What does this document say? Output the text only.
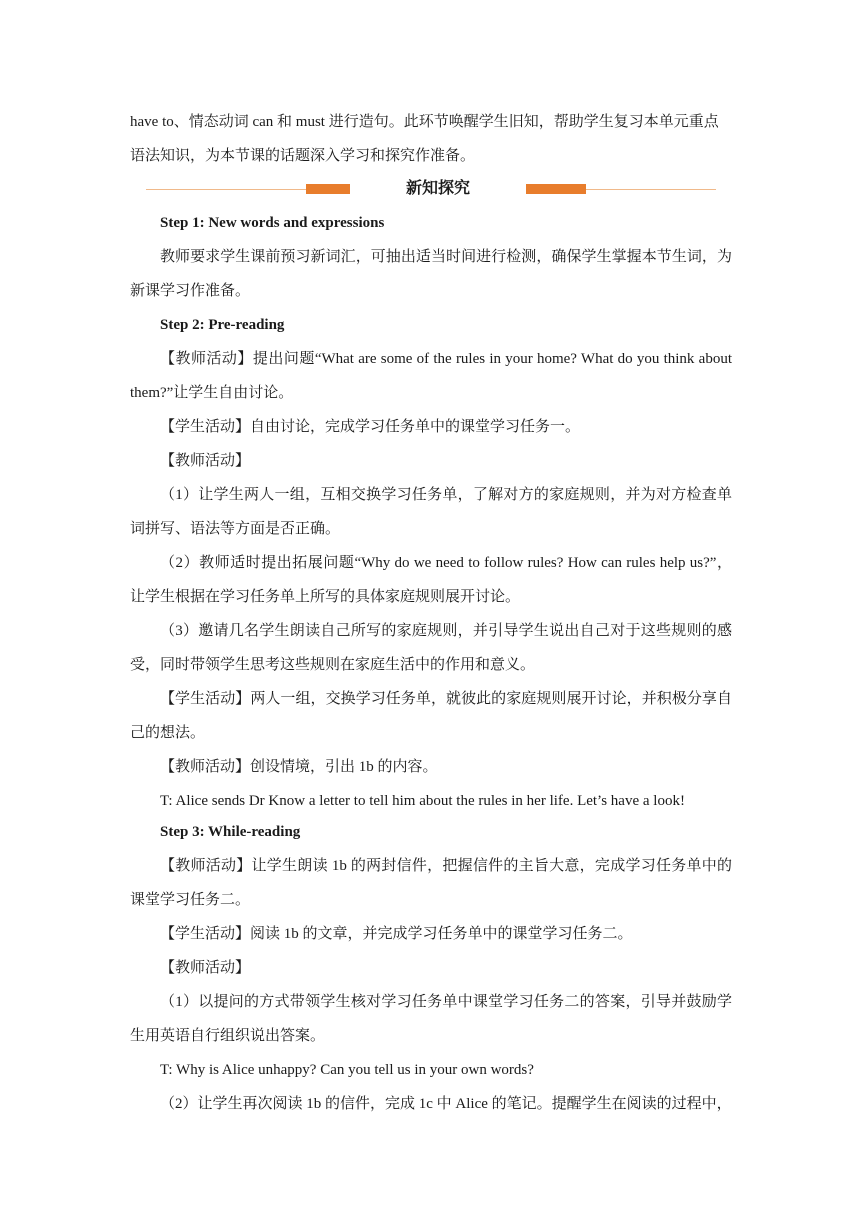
have to、情态动词 can 和 must 进行造句。此环节唤醒学生旧知，帮助学生复习本单元重点

语法知识，为本节课的话题深入学习和探究作准备。

新知探究

Step 1: New words and expressions

教师要求学生课前预习新词汇，可抽出适当时间进行检测，确保学生掌握本节生词，为新课学习作准备。

Step 2: Pre-reading

【教师活动】提出问题“What are some of the rules in your home? What do you think about them?”让学生自由讨论。

【学生活动】自由讨论，完成学习任务单中的课堂学习任务一。

【教师活动】

（1）让学生两人一组，互相交换学习任务单，了解对方的家庭规则，并为对方检查单词拼写、语法等方面是否正确。

（2）教师适时提出拓展问题“Why do we need to follow rules? How can rules help us?”，让学生根据在学习任务单上所写的具体家庭规则展开讨论。

（3）邀请几名学生朗读自己所写的家庭规则，并引导学生说出自己对于这些规则的感受，同时带领学生思考这些规则在家庭生活中的作用和意义。

【学生活动】两人一组，交换学习任务单，就彼此的家庭规则展开讨论，并积极分享自己的想法。

【教师活动】创设情境，引出 1b 的内容。

T: Alice sends Dr Know a letter to tell him about the rules in her life. Let’s have a look!

Step 3: While-reading

【教师活动】让学生朗读 1b 的两封信件，把握信件的主旨大意，完成学习任务单中的课堂学习任务二。

【学生活动】阅读 1b 的文章，并完成学习任务单中的课堂学习任务二。

【教师活动】

（1）以提问的方式带领学生核对学习任务单中课堂学习任务二的答案，引导并鼓励学生用英语自行组织说出答案。

T: Why is Alice unhappy? Can you tell us in your own words?

（2）让学生再次阅读 1b 的信件，完成 1c 中 Alice 的笔记。提醒学生在阅读的过程中，
